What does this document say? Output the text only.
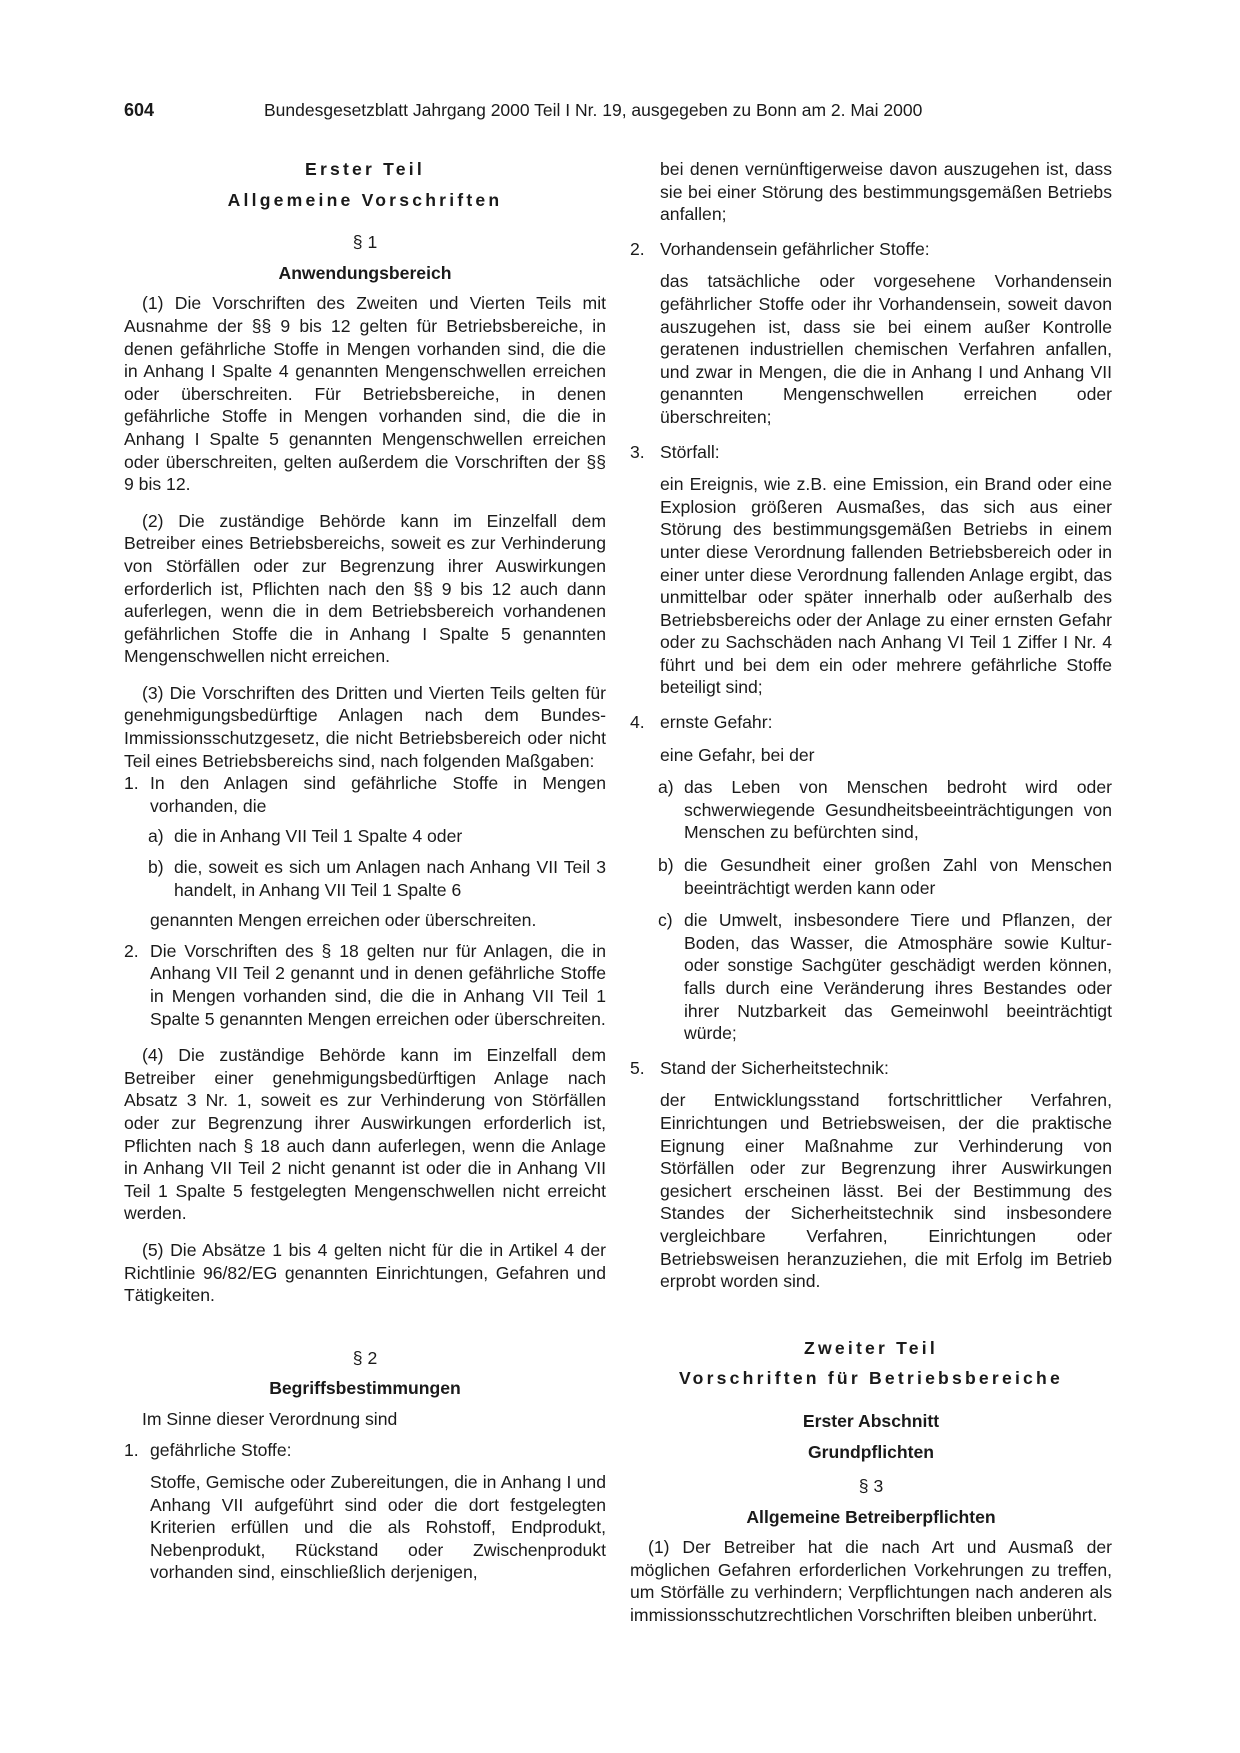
604	Bundesgesetzblatt Jahrgang 2000 Teil I Nr. 19, ausgegeben zu Bonn am 2. Mai 2000

Erster Teil

Allgemeine Vorschriften

§ 1

Anwendungsbereich

(1) Die Vorschriften des Zweiten und Vierten Teils mit Ausnahme der §§ 9 bis 12 gelten für Betriebsbereiche, in denen gefährliche Stoffe in Mengen vorhanden sind, die die in Anhang I Spalte 4 genannten Mengenschwellen erreichen oder überschreiten. Für Betriebsbereiche, in denen gefährliche Stoffe in Mengen vorhanden sind, die die in Anhang I Spalte 5 genannten Mengenschwellen erreichen oder überschreiten, gelten außerdem die Vorschriften der §§ 9 bis 12.

(2) Die zuständige Behörde kann im Einzelfall dem Betreiber eines Betriebsbereichs, soweit es zur Verhinderung von Störfällen oder zur Begrenzung ihrer Auswirkungen erforderlich ist, Pflichten nach den §§ 9 bis 12 auch dann auferlegen, wenn die in dem Betriebsbereich vorhandenen gefährlichen Stoffe die in Anhang I Spalte 5 genannten Mengenschwellen nicht erreichen.

(3) Die Vorschriften des Dritten und Vierten Teils gelten für genehmigungsbedürftige Anlagen nach dem Bundes-Immissionsschutzgesetz, die nicht Betriebsbereich oder nicht Teil eines Betriebsbereichs sind, nach folgenden Maßgaben:

1. In den Anlagen sind gefährliche Stoffe in Mengen vorhanden, die

a) die in Anhang VII Teil 1 Spalte 4 oder

b) die, soweit es sich um Anlagen nach Anhang VII Teil 3 handelt, in Anhang VII Teil 1 Spalte 6

genannten Mengen erreichen oder überschreiten.

2. Die Vorschriften des § 18 gelten nur für Anlagen, die in Anhang VII Teil 2 genannt und in denen gefährliche Stoffe in Mengen vorhanden sind, die die in Anhang VII Teil 1 Spalte 5 genannten Mengen erreichen oder überschreiten.

(4) Die zuständige Behörde kann im Einzelfall dem Betreiber einer genehmigungsbedürftigen Anlage nach Absatz 3 Nr. 1, soweit es zur Verhinderung von Störfällen oder zur Begrenzung ihrer Auswirkungen erforderlich ist, Pflichten nach § 18 auch dann auferlegen, wenn die Anlage in Anhang VII Teil 2 nicht genannt ist oder die in Anhang VII Teil 1 Spalte 5 festgelegten Mengenschwellen nicht erreicht werden.

(5) Die Absätze 1 bis 4 gelten nicht für die in Artikel 4 der Richtlinie 96/82/EG genannten Einrichtungen, Gefahren und Tätigkeiten.

§ 2

Begriffsbestimmungen

Im Sinne dieser Verordnung sind

1. gefährliche Stoffe:

Stoffe, Gemische oder Zubereitungen, die in Anhang I und Anhang VII aufgeführt sind oder die dort festgelegten Kriterien erfüllen und die als Rohstoff, Endprodukt, Nebenprodukt, Rückstand oder Zwischenprodukt vorhanden sind, einschließlich derjenigen,

bei denen vernünftigerweise davon auszugehen ist, dass sie bei einer Störung des bestimmungsgemäßen Betriebs anfallen;

2. Vorhandensein gefährlicher Stoffe:

das tatsächliche oder vorgesehene Vorhandensein gefährlicher Stoffe oder ihr Vorhandensein, soweit davon auszugehen ist, dass sie bei einem außer Kontrolle geratenen industriellen chemischen Verfahren anfallen, und zwar in Mengen, die die in Anhang I und Anhang VII genannten Mengenschwellen erreichen oder überschreiten;

3. Störfall:

ein Ereignis, wie z.B. eine Emission, ein Brand oder eine Explosion größeren Ausmaßes, das sich aus einer Störung des bestimmungsgemäßen Betriebs in einem unter diese Verordnung fallenden Betriebsbereich oder in einer unter diese Verordnung fallenden Anlage ergibt, das unmittelbar oder später innerhalb oder außerhalb des Betriebsbereichs oder der Anlage zu einer ernsten Gefahr oder zu Sachschäden nach Anhang VI Teil 1 Ziffer I Nr. 4 führt und bei dem ein oder mehrere gefährliche Stoffe beteiligt sind;

4. ernste Gefahr:

eine Gefahr, bei der

a) das Leben von Menschen bedroht wird oder schwerwiegende Gesundheitsbeeinträchtigungen von Menschen zu befürchten sind,

b) die Gesundheit einer großen Zahl von Menschen beeinträchtigt werden kann oder

c) die Umwelt, insbesondere Tiere und Pflanzen, der Boden, das Wasser, die Atmosphäre sowie Kultur- oder sonstige Sachgüter geschädigt werden können, falls durch eine Veränderung ihres Bestandes oder ihrer Nutzbarkeit das Gemeinwohl beeinträchtigt würde;

5. Stand der Sicherheitstechnik:

der Entwicklungsstand fortschrittlicher Verfahren, Einrichtungen und Betriebsweisen, der die praktische Eignung einer Maßnahme zur Verhinderung von Störfällen oder zur Begrenzung ihrer Auswirkungen gesichert erscheinen lässt. Bei der Bestimmung des Standes der Sicherheitstechnik sind insbesondere vergleichbare Verfahren, Einrichtungen oder Betriebsweisen heranzuziehen, die mit Erfolg im Betrieb erprobt worden sind.

Zweiter Teil

Vorschriften für Betriebsbereiche

Erster Abschnitt

Grundpflichten

§ 3

Allgemeine Betreiberpflichten

(1) Der Betreiber hat die nach Art und Ausmaß der möglichen Gefahren erforderlichen Vorkehrungen zu treffen, um Störfälle zu verhindern; Verpflichtungen nach anderen als immissionsschutzrechtlichen Vorschriften bleiben unberührt.
